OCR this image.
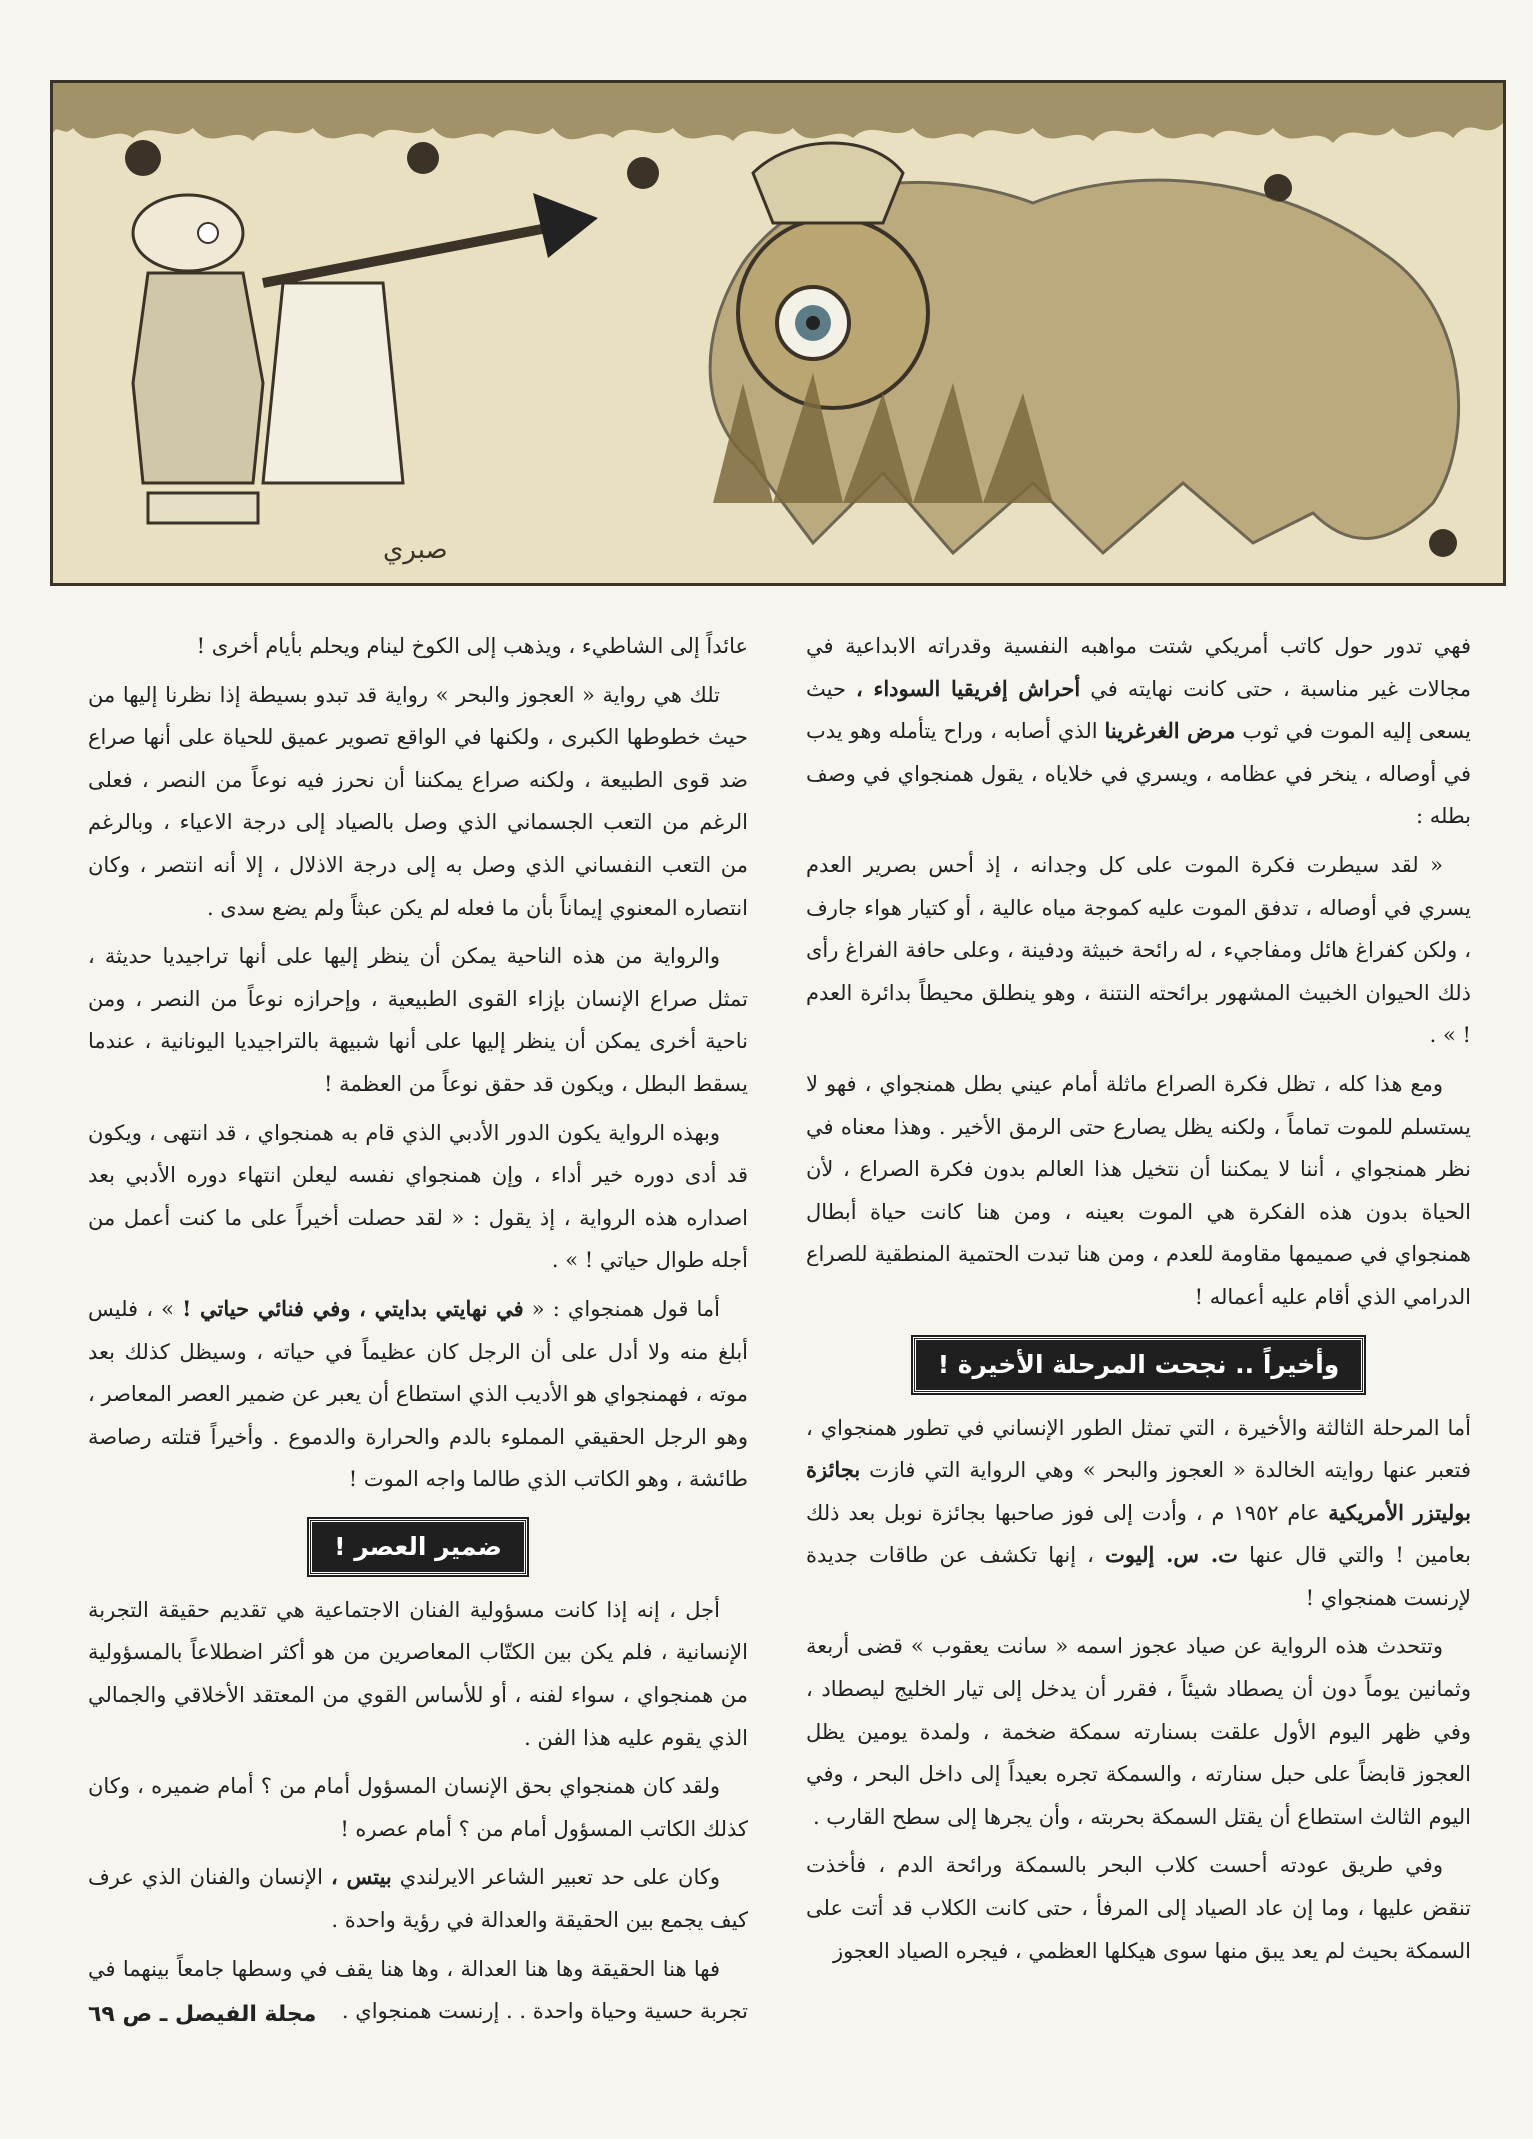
صبري

فهي تدور حول كاتب أمريكي شتت مواهبه النفسية وقدراته الابداعية في مجالات غير مناسبة ، حتى كانت نهايته في أحراش إفريقيا السوداء ، حيث يسعى إليه الموت في ثوب مرض الغرغرينا الذي أصابه ، وراح يتأمله وهو يدب في أوصاله ، ينخر في عظامه ، ويسري في خلاياه ، يقول همنجواي في وصف بطله :

« لقد سيطرت فكرة الموت على كل وجدانه ، إذ أحس بصرير العدم يسري في أوصاله ، تدفق الموت عليه كموجة مياه عالية ، أو كتيار هواء جارف ، ولكن كفراغ هائل ومفاجيء ، له رائحة خبيثة ودفينة ، وعلى حافة الفراغ رأى ذلك الحيوان الخبيث المشهور برائحته النتنة ، وهو ينطلق محيطاً بدائرة العدم ! » .

ومع هذا كله ، تظل فكرة الصراع ماثلة أمام عيني بطل همنجواي ، فهو لا يستسلم للموت تماماً ، ولكنه يظل يصارع حتى الرمق الأخير . وهذا معناه في نظر همنجواي ، أننا لا يمكننا أن نتخيل هذا العالم بدون فكرة الصراع ، لأن الحياة بدون هذه الفكرة هي الموت بعينه ، ومن هنا كانت حياة أبطال همنجواي في صميمها مقاومة للعدم ، ومن هنا تبدت الحتمية المنطقية للصراع الدرامي الذي أقام عليه أعماله !

وأخيراً .. نجحت المرحلة الأخيرة !

أما المرحلة الثالثة والأخيرة ، التي تمثل الطور الإنساني في تطور همنجواي ، فتعبر عنها روايته الخالدة « العجوز والبحر » وهي الرواية التي فازت بجائزة بوليتزر الأمريكية عام ١٩٥٢ م ، وأدت إلى فوز صاحبها بجائزة نوبل بعد ذلك بعامين ! والتي قال عنها ت. س. إليوت ، إنها تكشف عن طاقات جديدة لإرنست همنجواي !

وتتحدث هذه الرواية عن صياد عجوز اسمه « سانت يعقوب » قضى أربعة وثمانين يوماً دون أن يصطاد شيئاً ، فقرر أن يدخل إلى تيار الخليج ليصطاد ، وفي ظهر اليوم الأول علقت بسنارته سمكة ضخمة ، ولمدة يومين يظل العجوز قابضاً على حبل سنارته ، والسمكة تجره بعيداً إلى داخل البحر ، وفي اليوم الثالث استطاع أن يقتل السمكة بحربته ، وأن يجرها إلى سطح القارب .

وفي طريق عودته أحست كلاب البحر بالسمكة ورائحة الدم ، فأخذت تنقض عليها ، وما إن عاد الصياد إلى المرفأ ، حتى كانت الكلاب قد أتت على السمكة بحيث لم يعد يبق منها سوى هيكلها العظمي ، فيجره الصياد العجوز

عائداً إلى الشاطيء ، ويذهب إلى الكوخ لينام ويحلم بأيام أخرى !

تلك هي رواية « العجوز والبحر » رواية قد تبدو بسيطة إذا نظرنا إليها من حيث خطوطها الكبرى ، ولكنها في الواقع تصوير عميق للحياة على أنها صراع ضد قوى الطبيعة ، ولكنه صراع يمكننا أن نحرز فيه نوعاً من النصر ، فعلى الرغم من التعب الجسماني الذي وصل بالصياد إلى درجة الاعياء ، وبالرغم من التعب النفساني الذي وصل به إلى درجة الاذلال ، إلا أنه انتصر ، وكان انتصاره المعنوي إيماناً بأن ما فعله لم يكن عبثاً ولم يضع سدى .

والرواية من هذه الناحية يمكن أن ينظر إليها على أنها تراجيديا حديثة ، تمثل صراع الإنسان بإزاء القوى الطبيعية ، وإحرازه نوعاً من النصر ، ومن ناحية أخرى يمكن أن ينظر إليها على أنها شبيهة بالتراجيديا اليونانية ، عندما يسقط البطل ، ويكون قد حقق نوعاً من العظمة !

وبهذه الرواية يكون الدور الأدبي الذي قام به همنجواي ، قد انتهى ، ويكون قد أدى دوره خير أداء ، وإن همنجواي نفسه ليعلن انتهاء دوره الأدبي بعد اصداره هذه الرواية ، إذ يقول : « لقد حصلت أخيراً على ما كنت أعمل من أجله طوال حياتي ! » .

أما قول همنجواي : « في نهايتي بدايتي ، وفي فنائي حياتي ! » ، فليس أبلغ منه ولا أدل على أن الرجل كان عظيماً في حياته ، وسيظل كذلك بعد موته ، فهمنجواي هو الأديب الذي استطاع أن يعبر عن ضمير العصر المعاصر ، وهو الرجل الحقيقي المملوء بالدم والحرارة والدموع . وأخيراً قتلته رصاصة طائشة ، وهو الكاتب الذي طالما واجه الموت !

ضمير العصر !

أجل ، إنه إذا كانت مسؤولية الفنان الاجتماعية هي تقديم حقيقة التجربة الإنسانية ، فلم يكن بين الكتّاب المعاصرين من هو أكثر اضطلاعاً بالمسؤولية من همنجواي ، سواء لفنه ، أو للأساس القوي من المعتقد الأخلاقي والجمالي الذي يقوم عليه هذا الفن .

ولقد كان همنجواي بحق الإنسان المسؤول أمام من ؟ أمام ضميره ، وكان كذلك الكاتب المسؤول أمام من ؟ أمام عصره !

وكان على حد تعبير الشاعر الايرلندي بيتس ، الإنسان والفنان الذي عرف كيف يجمع بين الحقيقة والعدالة في رؤية واحدة .

فها هنا الحقيقة وها هنا العدالة ، وها هنا يقف في وسطها جامعاً بينهما في تجربة حسية وحياة واحدة . . إرنست همنجواي .

مجلة الفيصل ـ ص ٦٩
